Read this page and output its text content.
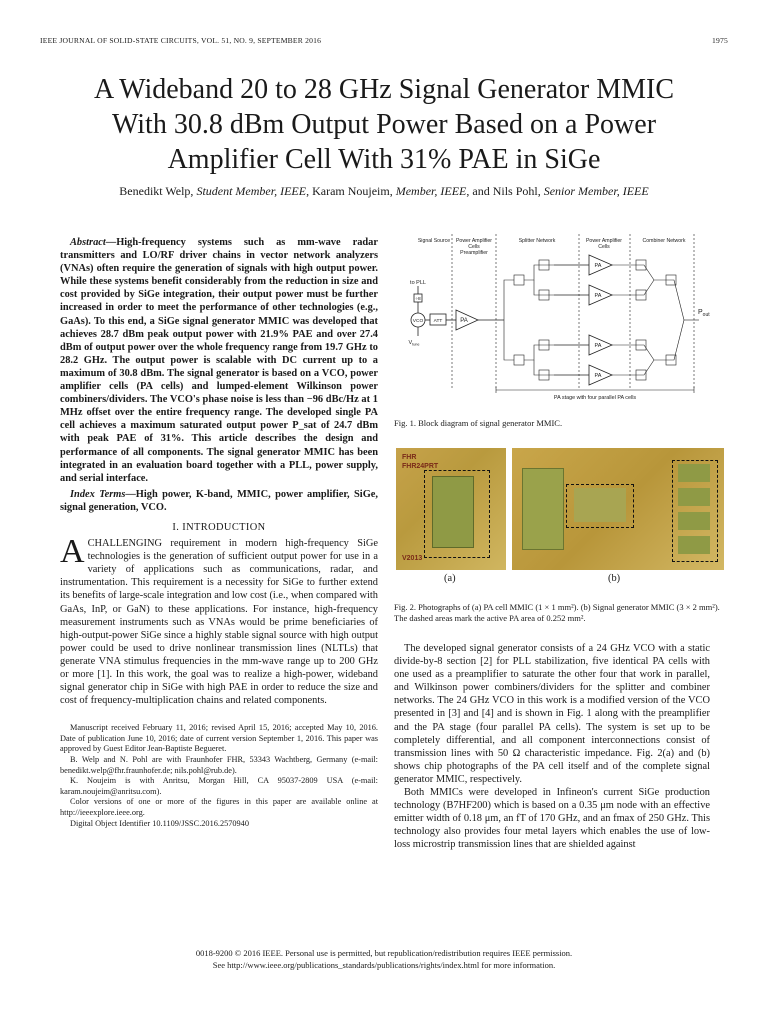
IEEE JOURNAL OF SOLID-STATE CIRCUITS, VOL. 51, NO. 9, SEPTEMBER 2016	1975
A Wideband 20 to 28 GHz Signal Generator MMIC
With 30.8 dBm Output Power Based on a Power
Amplifier Cell With 31% PAE in SiGe
Benedikt Welp, Student Member, IEEE, Karam Noujeim, Member, IEEE, and Nils Pohl, Senior Member, IEEE

Abstract—High-frequency systems such as mm-wave radar transmitters and LO/RF driver chains in vector network analyzers (VNAs) often require the generation of signals with high output power. While these systems benefit considerably from the reduction in size and cost provided by SiGe integration, their output power must be further increased in order to meet the performance of other technologies (e.g., GaAs). To this end, a SiGe signal generator MMIC was developed that achieves 28.7 dBm peak output power with 21.9% PAE and over 27.4 dBm of output power over the whole frequency range from 19.7 GHz to 28.2 GHz. The output power is scalable with DC current up to a maximum of 30.8 dBm. The signal generator is based on a VCO, power amplifier cells (PA cells) and lumped-element Wilkinson power combiners/dividers. The VCO's phase noise is less than −96 dBc/Hz at 1 MHz offset over the entire frequency range. The developed single PA cell achieves a maximum saturated output power P_sat of 24.7 dBm with peak PAE of 31%. This article describes the design and performance of all components. The signal generator MMIC has been integrated in an evaluation board together with a PLL, power supply, and serial interface.

Index Terms—High power, K-band, MMIC, power amplifier, SiGe, signal generation, VCO.

I. INTRODUCTION

ACHALLENGING requirement in modern high-frequency SiGe technologies is the generation of sufficient output power for use in a variety of applications such as communications, radar, and instrumentation. This requirement is a necessity for SiGe to further extend its benefits of large-scale integration and low cost (i.e., when compared with GaAs, InP, or GaN) to these applications. For instance, high-frequency measurement instruments such as VNAs would be prime beneficiaries of high-output-power SiGe since a highly stable signal source with high output power could be used to drive nonlinear transmission lines (NLTLs) that generate VNA stimulus frequencies in the mm-wave range up to 200 GHz or more [1]. In this work, the goal was to realize a high-power, wideband signal generator chip in SiGe with high PAE in order to reduce the size and cost of frequency-multiplication chains and related components.

Manuscript received February 11, 2016; revised April 15, 2016; accepted May 10, 2016. Date of publication June 10, 2016; date of current version September 1, 2016. This paper was approved by Guest Editor Jean-Baptiste Begueret.

B. Welp and N. Pohl are with Fraunhofer FHR, 53343 Wachtberg, Germany (e-mail: benedikt.welp@fhr.fraunhofer.de; nils.pohl@rub.de).

K. Noujeim is with Anritsu, Morgan Hill, CA 95037-2809 USA (e-mail: karam.noujeim@anritsu.com).

Color versions of one or more of the figures in this paper are available online at http://ieeexplore.ieee.org.

Digital Object Identifier 10.1109/JSSC.2016.2570940

Signal Source Power Amplifier
Cells
Preamplifier
Splitter Network	Power Amplifier
Cells
Combiner Network
to PLL
÷8
VCO ATT	PA
$V_{tune}$
PA
PA
PA
PA
$P_{out}$
PA stage with four parallel PA cells
Fig. 1. Block diagram of signal generator MMIC.
FHR
FHR24PRT
V2013
(a)	(b)
Fig. 2. Photographs of (a) PA cell MMIC (1 × 1 mm²). (b) Signal generator MMIC (3 × 2 mm²). The dashed areas mark the active PA area of 0.252 mm².

The developed signal generator consists of a 24 GHz VCO with a static divide-by-8 section [2] for PLL stabilization, five identical PA cells with one used as a preamplifier to saturate the other four that work in parallel, and Wilkinson power combiners/dividers for the splitter and combiner networks. The 24 GHz VCO in this work is a modified version of the VCO presented in [3] and [4] and is shown in Fig. 1 along with the preamplifier and the PA stage (four parallel PA cells). The system is set up to be completely differential, and all component interconnections consist of transmission lines with 50 Ω characteristic impedance. Fig. 2(a) and (b) shows chip photographs of the PA cell itself and of the complete signal generator MMIC, respectively.

Both MMICs were developed in Infineon's current SiGe production technology (B7HF200) which is based on a 0.35 μm node with an effective emitter width of 0.18 μm, an fT of 170 GHz, and an fmax of 250 GHz. This technology also provides four metal layers which enables the use of low-loss microstrip transmission lines that are shielded against

0018-9200 © 2016 IEEE. Personal use is permitted, but republication/redistribution requires IEEE permission.
See http://www.ieee.org/publications_standards/publications/rights/index.html for more information.
